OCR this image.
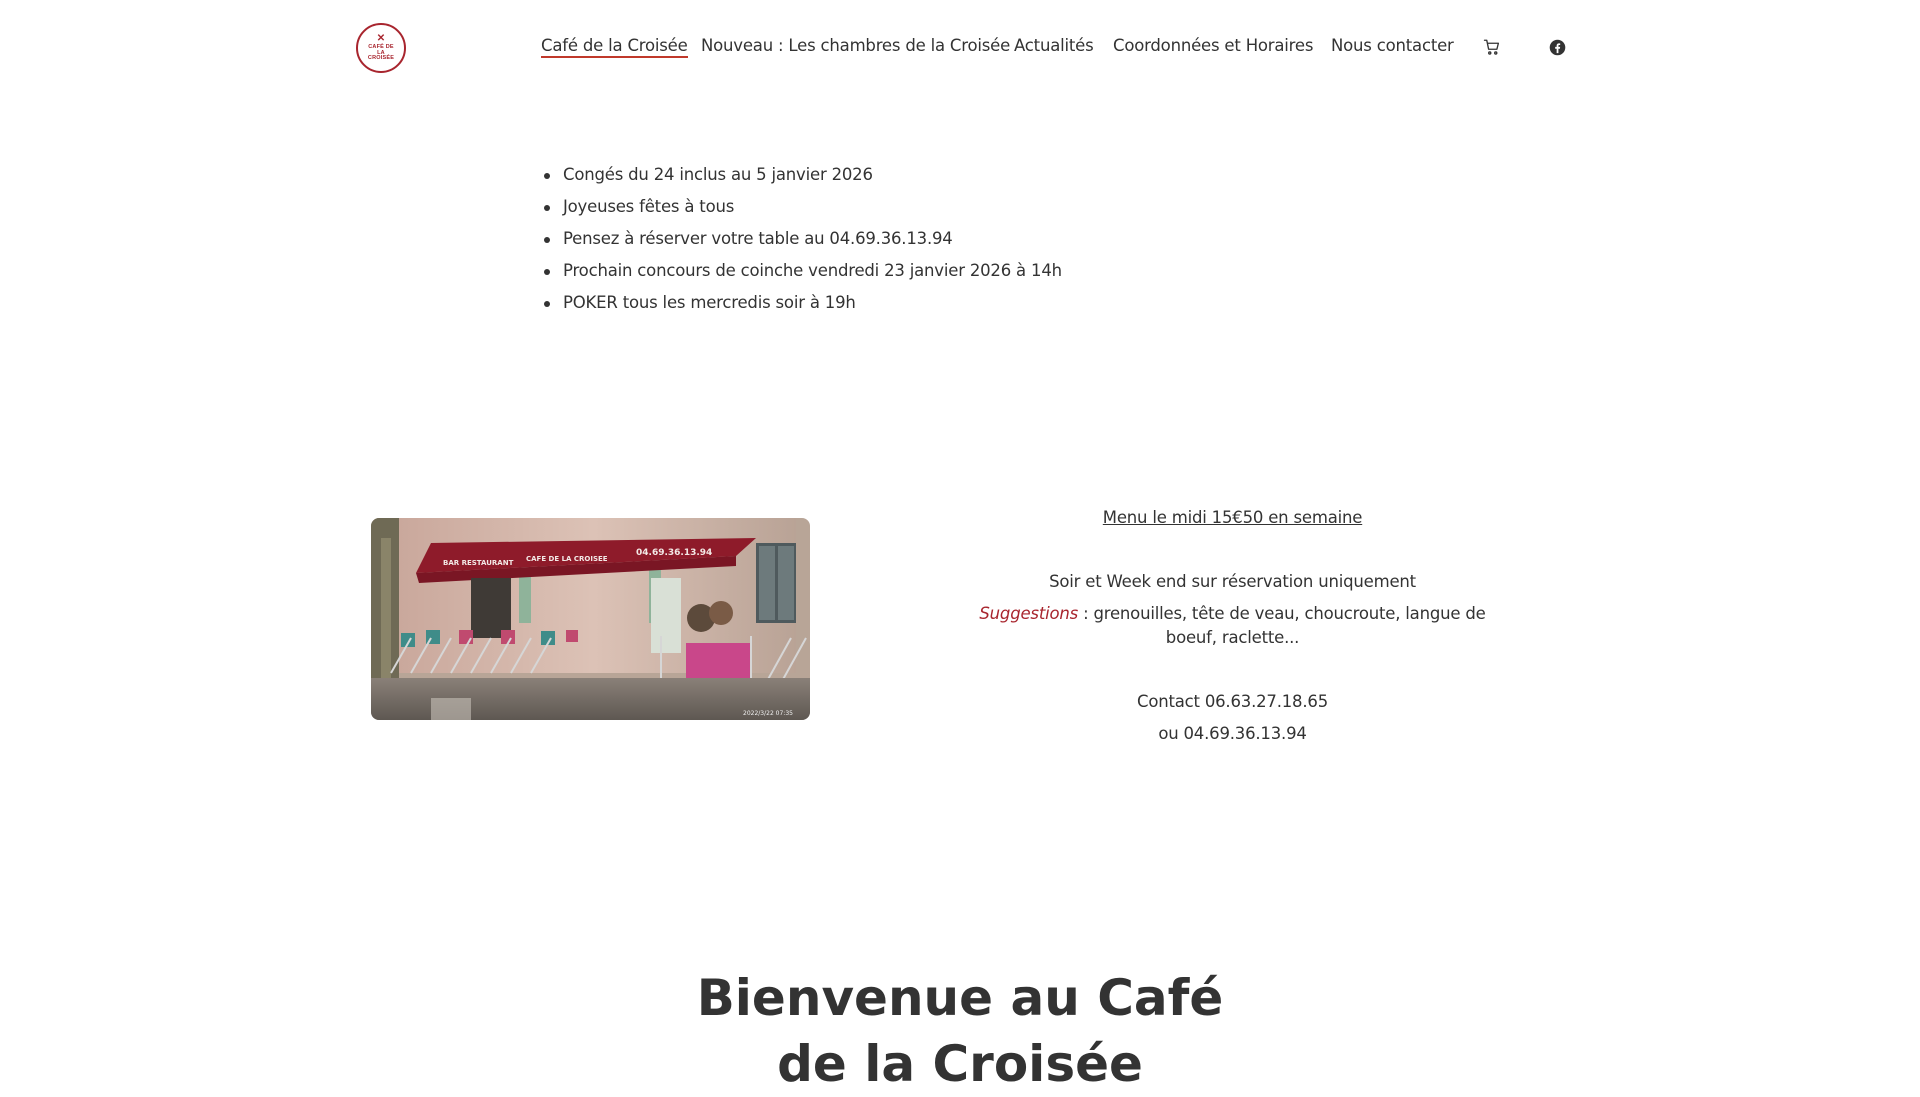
✕
CAFÉ DE
LA
CROISÉE
Café de la Croisée Nouveau : Les chambres de la Croisée Actualités Coordonnées et Horaires Nous contacter
Congés du 24 inclus au 5 janvier 2026
Joyeuses fêtes à tous
Pensez à réserver votre table au 04.69.36.13.94
Prochain concours de coinche vendredi 23 janvier 2026 à 14h
POKER tous les mercredis soir à 19h
BAR RESTAURANT CAFE DE LA CROISEE
04.69.36.13.94
2022/3/22 07:35

Menu le midi 15€50 en semaine

Soir et Week end sur réservation uniquement

Suggestions : grenouilles, tête de veau, choucroute, langue de boeuf, raclette...

Contact 06.63.27.18.65

ou 04.69.36.13.94

Bienvenue au Café
de la Croisée
